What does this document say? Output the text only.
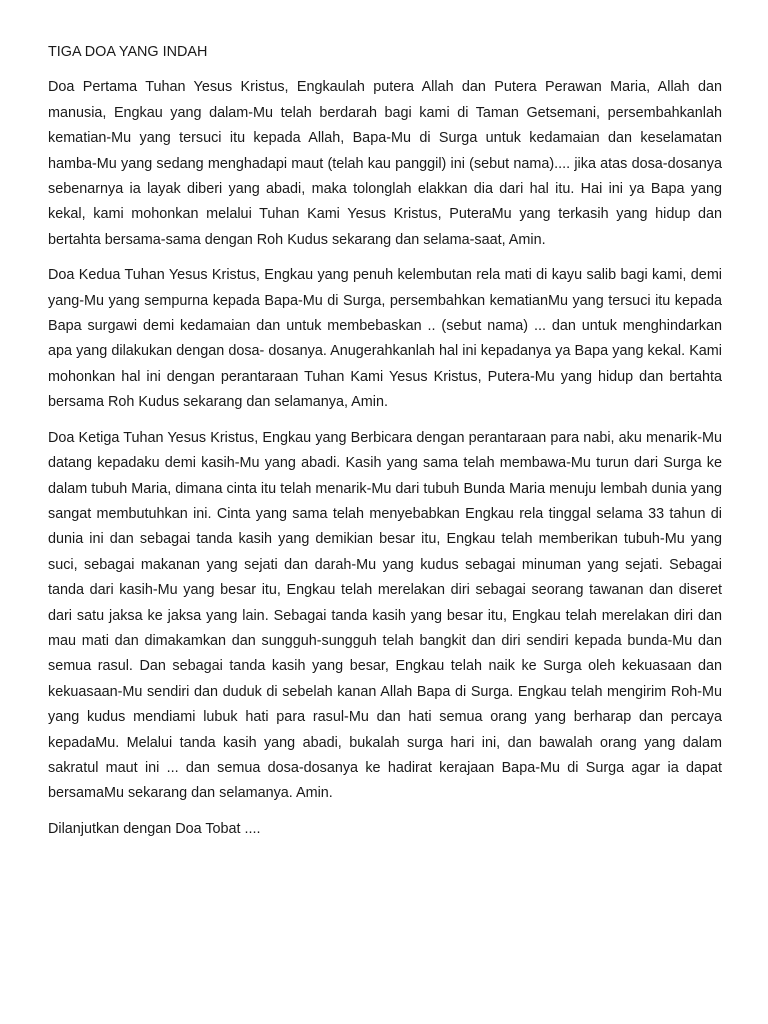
TIGA DOA YANG INDAH

Doa Pertama Tuhan Yesus Kristus, Engkaulah putera Allah dan Putera Perawan Maria, Allah dan manusia, Engkau yang dalam-Mu telah berdarah bagi kami di Taman Getsemani, persembahkanlah kematian-Mu yang tersuci itu kepada Allah, Bapa-Mu di Surga untuk kedamaian dan keselamatan hamba-Mu yang sedang menghadapi maut (telah kau panggil) ini (sebut nama).... jika atas dosa-dosanya sebenarnya ia layak diberi yang abadi, maka tolonglah elakkan dia dari hal itu. Hai ini ya Bapa yang kekal, kami mohonkan melalui Tuhan Kami Yesus Kristus, PuteraMu yang terkasih yang hidup dan bertahta bersama-sama dengan Roh Kudus sekarang dan selama-saat, Amin.

Doa Kedua Tuhan Yesus Kristus, Engkau yang penuh kelembutan rela mati di kayu salib bagi kami, demi yang-Mu yang sempurna kepada Bapa-Mu di Surga, persembahkan kematianMu yang tersuci itu kepada Bapa surgawi demi kedamaian dan untuk membebaskan .. (sebut nama) ... dan untuk menghindarkan apa yang dilakukan dengan dosa- dosanya. Anugerahkanlah hal ini kepadanya ya Bapa yang kekal. Kami mohonkan hal ini dengan perantaraan Tuhan Kami Yesus Kristus, Putera-Mu yang hidup dan bertahta bersama Roh Kudus sekarang dan selamanya, Amin.

Doa Ketiga Tuhan Yesus Kristus, Engkau yang Berbicara dengan perantaraan para nabi, aku menarik-Mu datang kepadaku demi kasih-Mu yang abadi. Kasih yang sama telah membawa-Mu turun dari Surga ke dalam tubuh Maria, dimana cinta itu telah menarik-Mu dari tubuh Bunda Maria menuju lembah dunia yang sangat membutuhkan ini. Cinta yang sama telah menyebabkan Engkau rela tinggal selama 33 tahun di dunia ini dan sebagai tanda kasih yang demikian besar itu, Engkau telah memberikan tubuh-Mu yang suci, sebagai makanan yang sejati dan darah-Mu yang kudus sebagai minuman yang sejati. Sebagai tanda dari kasih-Mu yang besar itu, Engkau telah merelakan diri sebagai seorang tawanan dan diseret dari satu jaksa ke jaksa yang lain. Sebagai tanda kasih yang besar itu, Engkau telah merelakan diri dan mau mati dan dimakamkan dan sungguh-sungguh telah bangkit dan diri sendiri kepada bunda-Mu dan semua rasul. Dan sebagai tanda kasih yang besar, Engkau telah naik ke Surga oleh kekuasaan dan kekuasaan-Mu sendiri dan duduk di sebelah kanan Allah Bapa di Surga. Engkau telah mengirim Roh-Mu yang kudus mendiami lubuk hati para rasul-Mu dan hati semua orang yang berharap dan percaya kepadaMu. Melalui tanda kasih yang abadi, bukalah surga hari ini, dan bawalah orang yang dalam sakratul maut ini ... dan semua dosa-dosanya ke hadirat kerajaan Bapa-Mu di Surga agar ia dapat bersamaMu sekarang dan selamanya. Amin.

Dilanjutkan dengan Doa Tobat ....
